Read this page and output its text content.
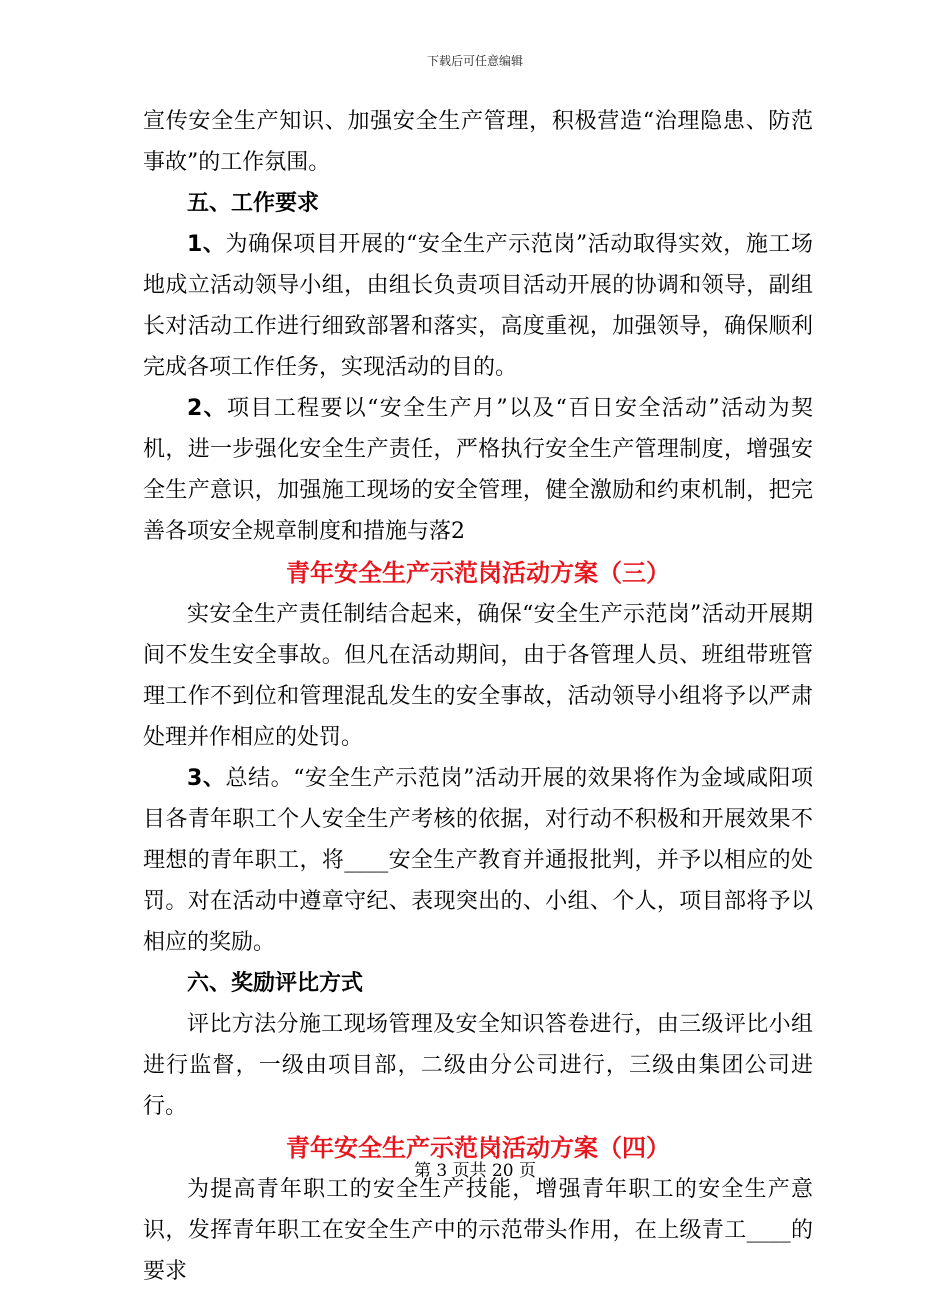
下载后可任意编辑

宣传安全生产知识、加强安全生产管理，积极营造“治理隐患、防范事故”的工作氛围。

五、工作要求

1、为确保项目开展的“安全生产示范岗”活动取得实效，施工场地成立活动领导小组，由组长负责项目活动开展的协调和领导，副组长对活动工作进行细致部署和落实，高度重视，加强领导，确保顺利完成各项工作任务，实现活动的目的。

2、项目工程要以“安全生产月”以及“百日安全活动”活动为契机，进一步强化安全生产责任，严格执行安全生产管理制度，增强安全生产意识，加强施工现场的安全管理，健全激励和约束机制，把完善各项安全规章制度和措施与落2

青年安全生产示范岗活动方案（三）

实安全生产责任制结合起来，确保“安全生产示范岗”活动开展期间不发生安全事故。但凡在活动期间，由于各管理人员、班组带班管理工作不到位和管理混乱发生的安全事故，活动领导小组将予以严肃处理并作相应的处罚。

3、总结。“安全生产示范岗”活动开展的效果将作为金域咸阳项目各青年职工个人安全生产考核的依据，对行动不积极和开展效果不理想的青年职工，将____安全生产教育并通报批判，并予以相应的处罚。对在活动中遵章守纪、表现突出的、小组、个人，项目部将予以相应的奖励。

六、奖励评比方式

评比方法分施工现场管理及安全知识答卷进行，由三级评比小组进行监督，一级由项目部，二级由分公司进行，三级由集团公司进行。

青年安全生产示范岗活动方案（四）

为提高青年职工的安全生产技能，增强青年职工的安全生产意识，发挥青年职工在安全生产中的示范带头作用，在上级青工____的要求

第 3 页共 20 页
